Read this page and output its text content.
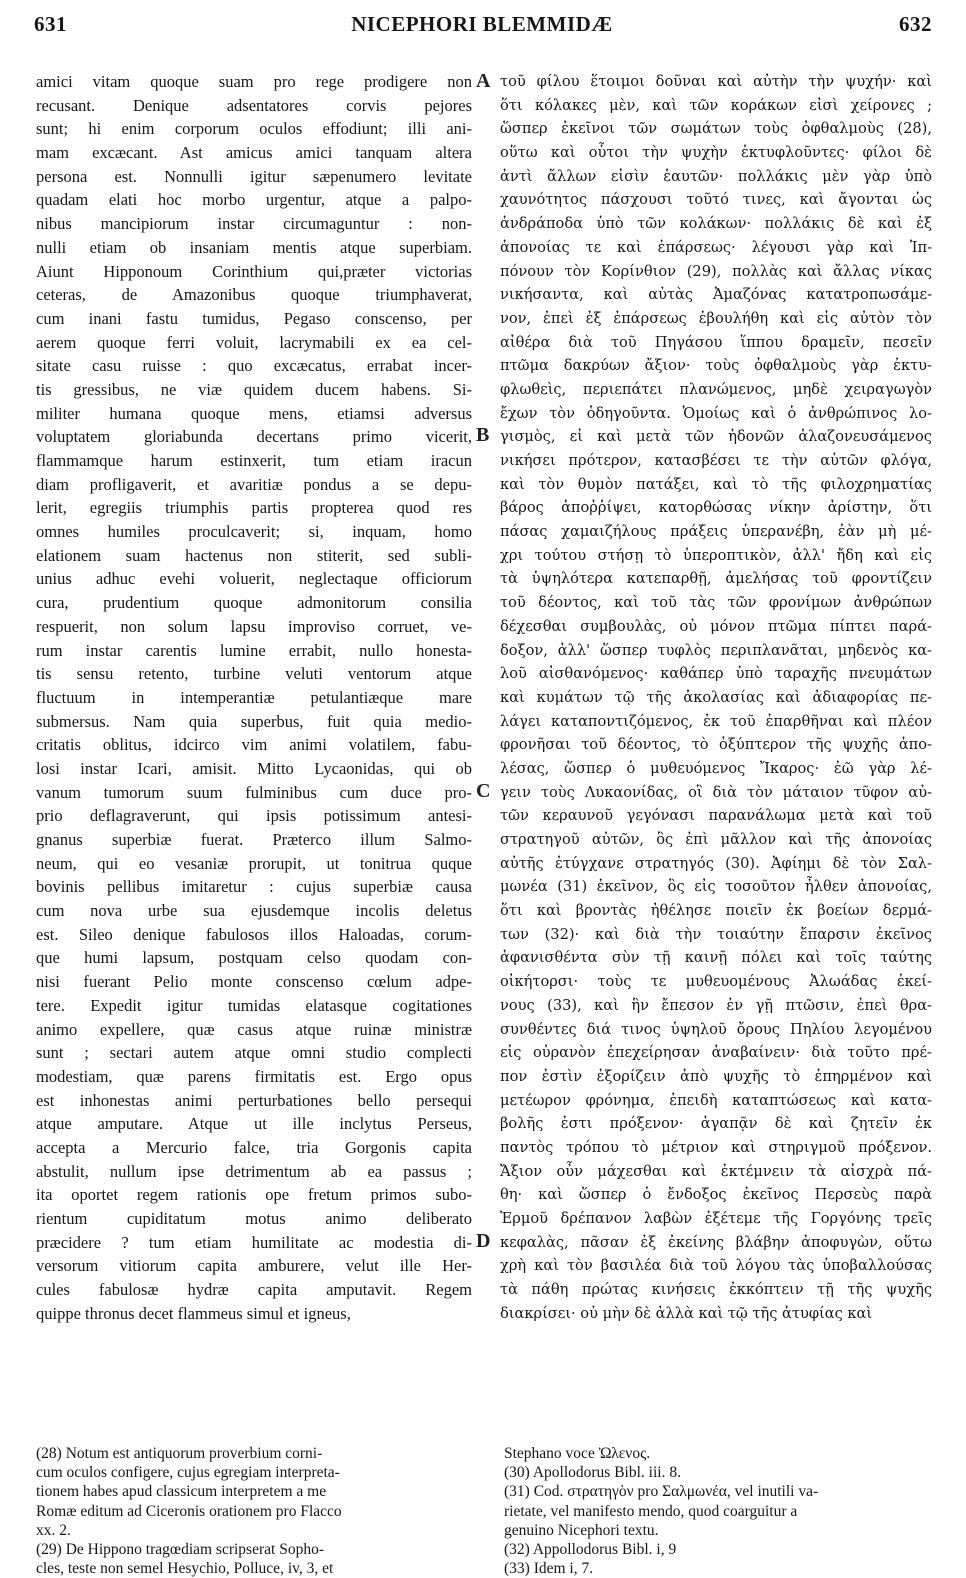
631	NICEPHORI BLEMMIDÆ	632
amici vitam quoque suam pro rege prodigere non
recusant. Denique adsentatores corvis pejores
sunt; hi enim corporum oculos effodiunt; illi ani-
mam excæcant. Ast amicus amici tanquam altera
persona est. Nonnulli igitur sæpenumero levitate
quadam elati hoc morbo urgentur, atque a palpo-
nibus mancipiorum instar circumaguntur : non-
nulli etiam ob insaniam mentis atque superbiam.
Aiunt Hipponoum Corinthium qui,præter victorias
ceteras, de Amazonibus quoque triumphaverat,
cum inani fastu tumidus, Pegaso conscenso, per
aerem quoque ferri voluit, lacrymabili ex ea cel-
sitate casu ruisse : quo excæcatus, errabat incer-
tis gressibus, ne viæ quidem ducem habens. Si-
militer humana quoque mens, etiamsi adversus
voluptatem gloriabunda decertans primo vicerit,
flammamque harum estinxerit, tum etiam iracun
diam profligaverit, et avaritiæ pondus a se depu-
lerit, egregiis triumphis partis propterea quod res
omnes humiles proculcaverit; si, inquam, homo
elationem suam hactenus non stiterit, sed subli-
unius adhuc evehi voluerit, neglectaque officiorum
cura, prudentium quoque admonitorum consilia
respuerit, non solum lapsu improviso corruet, ve-
rum instar carentis lumine errabit, nullo honesta-
tis sensu retento, turbine veluti ventorum atque
fluctuum in intemperantiæ petulantiæque mare
submersus. Nam quia superbus, fuit quia medio-
critatis oblitus, idcirco vim animi volatilem, fabu-
losi instar Icari, amisit. Mitto Lycaonidas, qui ob
vanum tumorum suum fulminibus cum duce pro-
prio deflagraverunt, qui ipsis potissimum antesi-
gnanus superbiæ fuerat. Præterco illum Salmo-
neum, qui eo vesaniæ prorupit, ut tonitrua quque
bovinis pellibus imitaretur : cujus superbiæ causa
cum nova urbe sua ejusdemque incolis deletus
est. Sileo denique fabulosos illos Haloadas, corum-
que humi lapsum, postquam celso quodam con-
nisi fuerant Pelio monte conscenso cœlum adpe-
tere. Expedit igitur tumidas elatasque cogitationes
animo expellere, quæ casus atque ruinæ ministræ
sunt ; sectari autem atque omni studio complecti
modestiam, quæ parens firmitatis est. Ergo opus
est inhonestas animi perturbationes bello persequi
atque amputare. Atque ut ille inclytus Perseus,
accepta a Mercurio falce, tria Gorgonis capita
abstulit, nullum ipse detrimentum ab ea passus ;
ita oportet regem rationis ope fretum primos subo-
rientum cupiditatum motus animo deliberato
præcidere ? tum etiam humilitate ac modestia di-
versorum vitiorum capita amburere, velut ille Her-
cules fabulosæ hydræ capita amputavit. Regem
quippe thronus decet flammeus simul et igneus,
τοῦ φίλου ἕτοιμοι δοῦναι καὶ αὐτὴν τὴν ψυχήν· καὶ
ὅτι κόλακες μὲν, καὶ τῶν κοράκων εἰσὶ χείρονες ;
ὥσπερ ἐκεῖνοι τῶν σωμάτων τοὺς ὀφθαλμοὺς (28),
οὕτω καὶ οὗτοι τὴν ψυχὴν ἐκτυφλοῦντες· φίλοι δὲ
ἀντὶ ἄλλων εἰσὶν ἑαυτῶν· πολλάκις μὲν γὰρ ὑπὸ
χαυνότητος πάσχουσι τοῦτό τινες, καὶ ἄγονται ὡς
ἀνδράποδα ὑπὸ τῶν κολάκων· πολλάκις δὲ καὶ ἐξ
ἀπονοίας τε καὶ ἐπάρσεως· λέγουσι γὰρ καὶ Ἱπ-
πόνουν τὸν Κορίνθιον (29), πολλὰς καὶ ἄλλας νίκας
νικήσαντα, καὶ αὐτὰς Ἀμαζόνας κατατροπωσάμε-
νον, ἐπεὶ ἐξ ἐπάρσεως ἐβουλήθη καὶ εἰς αὐτὸν τὸν
αἰθέρα διὰ τοῦ Πηγάσου ἵππου δραμεῖν, πεσεῖν
πτῶμα δακρύων ἄξιον· τοὺς ὀφθαλμοὺς γὰρ ἐκτυ-
φλωθεὶς, περιεπάτει πλανώμενος, μηδὲ χειραγωγὸν
ἔχων τὸν ὁδηγοῦντα. Ὁμοίως καὶ ὁ ἀνθρώπινος λο-
γισμὸς, εἰ καὶ μετὰ τῶν ἡδονῶν ἀλαζονευσάμενος
νικήσει πρότερον, κατασβέσει τε τὴν αὐτῶν φλόγα,
καὶ τὸν θυμὸν πατάξει, καὶ τὸ τῆς φιλοχρηματίας
βάρος ἀποῤῥίψει, κατορθώσας νίκην ἀρίστην, ὅτι
πάσας χαμαιζήλους πράξεις ὑπερανέβη, ἐὰν μὴ μέ-
χρι τούτου στήσῃ τὸ ὑπεροπτικὸν, ἀλλ' ἤδη καὶ εἰς
τὰ ὑψηλότερα κατεπαρθῇ, ἀμελήσας τοῦ φροντίζειν
τοῦ δέοντος, καὶ τοῦ τὰς τῶν φρονίμων ἀνθρώπων
δέχεσθαι συμβουλὰς, οὐ μόνον πτῶμα πίπτει παρά-
δοξον, ἀλλ' ὥσπερ τυφλὸς περιπλανᾶται, μηδενὸς κα-
λοῦ αἰσθανόμενος· καθάπερ ὑπὸ ταραχῆς πνευμάτων
καὶ κυμάτων τῷ τῆς ἀκολασίας καὶ ἀδιαφορίας πε-
λάγει καταποντιζόμενος, ἐκ τοῦ ἐπαρθῆναι καὶ πλέον
φρονῆσαι τοῦ δέοντος, τὸ ὀξύπτερον τῆς ψυχῆς ἀπο-
λέσας, ὥσπερ ὁ μυθευόμενος Ἴκαρος· ἐῶ γὰρ λέ-
γειν τοὺς Λυκαονίδας, οἳ διὰ τὸν μάταιον τῦφον αὐ-
τῶν κεραυνοῦ γεγόνασι παρανάλωμα μετὰ καὶ τοῦ
στρατηγοῦ αὐτῶν, ὃς ἐπὶ μᾶλλον καὶ τῆς ἀπονοίας
αὐτῆς ἐτύγχανε στρατηγός (30). Ἀφίημι δὲ τὸν Σαλ-
μωνέα (31) ἐκεῖνον, ὃς εἰς τοσοῦτον ἦλθεν ἀπονοίας,
ὅτι καὶ βροντὰς ἠθέλησε ποιεῖν ἐκ βοείων δερμά-
των (32)· καὶ διὰ τὴν τοιαύτην ἔπαρσιν ἐκεῖνος
ἀφανισθέντα σὺν τῇ καινῇ πόλει καὶ τοῖς ταύτης
οἰκήτορσι· τοὺς τε μυθευομένους Ἀλωάδας ἐκεί-
νους (33), καὶ ἣν ἔπεσον ἐν γῇ πτῶσιν, ἐπεὶ θρα-
συνθέντες διά τινος ὑψηλοῦ ὄρους Πηλίου λεγομένου
εἰς οὐρανὸν ἐπεχείρησαν ἀναβαίνειν· διὰ τοῦτο πρέ-
πον ἐστὶν ἐξορίζειν ἀπὸ ψυχῆς τὸ ἐπηρμένον καὶ
μετέωρον φρόνημα, ἐπειδὴ καταπτώσεως καὶ κατα-
βολῆς ἐστι πρόξενον· ἀγαπᾷν δὲ καὶ ζητεῖν ἐκ
παντὸς τρόπου τὸ μέτριον καὶ στηριγμοῦ πρόξενον.
Ἄξιον οὖν μάχεσθαι καὶ ἐκτέμνειν τὰ αἰσχρὰ πά-
θη· καὶ ὥσπερ ὁ ἔνδοξος ἐκεῖνος Περσεὺς παρὰ
Ἑρμοῦ δρέπανον λαβὼν ἐξέτεμε τῆς Γοργόνης τρεῖς
κεφαλὰς, πᾶσαν ἐξ ἐκείνης βλάβην ἀποφυγὼν, οὕτω
χρὴ καὶ τὸν βασιλέα διὰ τοῦ λόγου τὰς ὑποβαλλούσας
τὰ πάθη πρώτας κινήσεις ἐκκόπτειν τῇ τῆς ψυχῆς
διακρίσει· οὐ μὴν δὲ ἀλλὰ καὶ τῷ τῆς ἀτυφίας καὶ
A
B
C
D
(28) Notum est antiquorum proverbium corni-
cum oculos configere, cujus egregiam interpreta-
tionem habes apud classicum interpretem a me
Romæ editum ad Ciceronis orationem pro Flacco
xx. 2.
(29) De Hippono tragœdiam scripserat Sopho-
cles, teste non semel Hesychio, Polluce, iv, 3, et
Stephano voce Ὠλενος.
(30) Apollodorus Bibl. iii. 8.
(31) Cod. στρατηγὸν pro Σαλμωνέα, vel inutili va-
rietate, vel manifesto mendo, quod coarguitur a
genuino Nicephori textu.
(32) Appollodorus Bibl. i, 9
(33) Idem i, 7.
